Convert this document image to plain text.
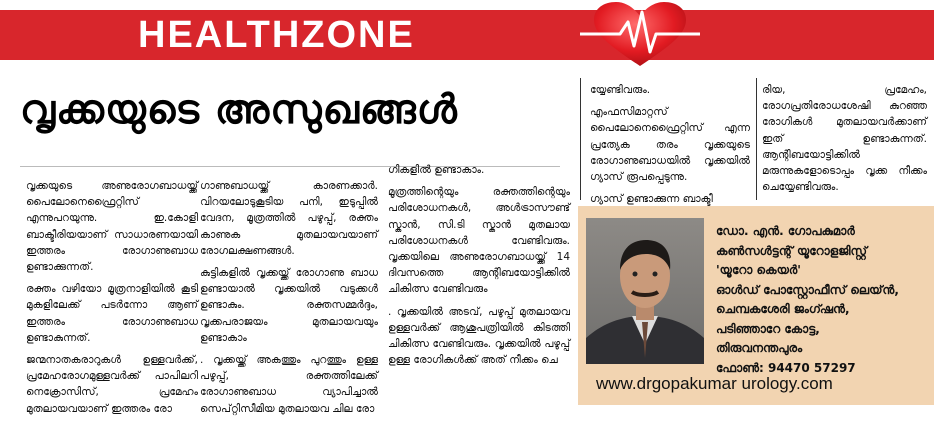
HEALTHZONE
വൃക്കയുടെ അസുഖങ്ങൾ

വൃക്കയുടെ അണുരോഗബാധയ്ക്ക് പൈലോനെഫ്രൈറ്റിസ് എന്നുപറയുന്നു. ഇ.കോളി ബാക്ടീരിയയാണ് സാധാരണയായി ഇത്തരം രോഗാണുബാധ ഉണ്ടാക്കുന്നത്.

രക്തം വഴിയോ മൂത്രനാളിയിൽ കൂടി മുകളിലേക്ക് പടർന്നോ ആണ് ഇത്തരം രോഗാണുബാധ ഉണ്ടാകുന്നത്.

ജന്മനാതകരാറുകൾ ഉള്ളവർക്ക്, പ്രമേഹരോഗമുള്ളവർക്ക് പാപിലറി നെക്രോസിസ്, പ്രമേഹം മുതലായവയാണ് ഇത്തരം രോ

ഗാണുബാധയ്ക്ക് കാരണക്കാർ. വിറയലോടുകൂടിയ പനി, ഇടുപ്പിൽ വേദന, മൂത്രത്തിൽ പഴുപ്പ്, രക്തം കാണുക മുതലായവയാണ് രോഗലക്ഷണങ്ങൾ.

കുട്ടികളിൽ വൃക്കയ്ക്ക് രോഗാണു ബാധ ഉണ്ടായാൽ വൃക്കയിൽ വടുക്കൾ ഉണ്ടാകും. രക്തസമ്മർദ്ദം, വൃക്കപരാജയം മുതലായവയും ഉണ്ടാകാം

. വൃക്കയ്ക്ക് അകത്തും പുറത്തും ഉള്ള പഴുപ്പ്, രക്തത്തിലേക്ക് രോഗാണുബാധ വ്യാപിച്ചാൽ സെപ്റ്റിസീമിയ മുതലായവ ചില രോ

ഗികളിൽ ഉണ്ടാകാം.

മൂത്രത്തിന്റെയും രക്തത്തിന്റെയും പരിശോധനകൾ, അൾട്രാസൗണ്ട് സ്കാൻ, സി.ടി സ്കാൻ മുതലായ പരിശോധനകൾ വേണ്ടിവരും. വൃക്കയിലെ അണുരോഗബാധയ്ക്ക് 14 ദിവസത്തെ ആന്റിബയോട്ടിക്കിൽ ചികിത്സ വേണ്ടിവരും

. വൃക്കയിൽ അടവ്, പഴുപ്പ് മുതലായവ ഉള്ളവർക്ക് ആശുപത്രിയിൽ കിടത്തി ചികിത്സ വേണ്ടിവരും. വൃക്കയിൽ പഴുപ്പ് ഉള്ള രോഗികൾക്ക് അത് നീക്കം ചെ

യ്യേണ്ടിവരും.

എംഫസിമാറ്റസ് പൈലോനെഫ്രൈറ്റിസ് എന്ന പ്രത്യേക തരം വൃക്കയുടെ രോഗാണുബാധയിൽ വൃക്കയിൽ ഗ്യാസ് രൂപപ്പെടുന്നു.

ഗ്യാസ് ഉണ്ടാക്കുന്ന ബാക്ടീ

രിയ, പ്രമേഹം, രോഗപ്രതിരോധശേഷി കുറഞ്ഞ രോഗികൾ മുതലായവർക്കാണ് ഇത് ഉണ്ടാകുന്നത്. ആന്റിബയോട്ടിക്കിൽ മരുന്നുകളോടൊപ്പം വൃക്ക നീക്കം ചെയ്യേണ്ടിവരും.

ഡോ. എൻ. ഗോപകുമാർ
കൺസൾട്ടന്റ് യൂറോളജിസ്റ്റ്
'യൂറോ കെയർ'
ഓൾഡ് പോസ്റ്റോഫീസ് ലെയ്ൻ,
ചെമ്പകശേരി ജംഗ്ഷൻ,
പടിഞ്ഞാറേ കോട്ട,
തിരുവനന്തപുരം
ഫോൺ: 94470 57297
www.drgopakumar urology.com
